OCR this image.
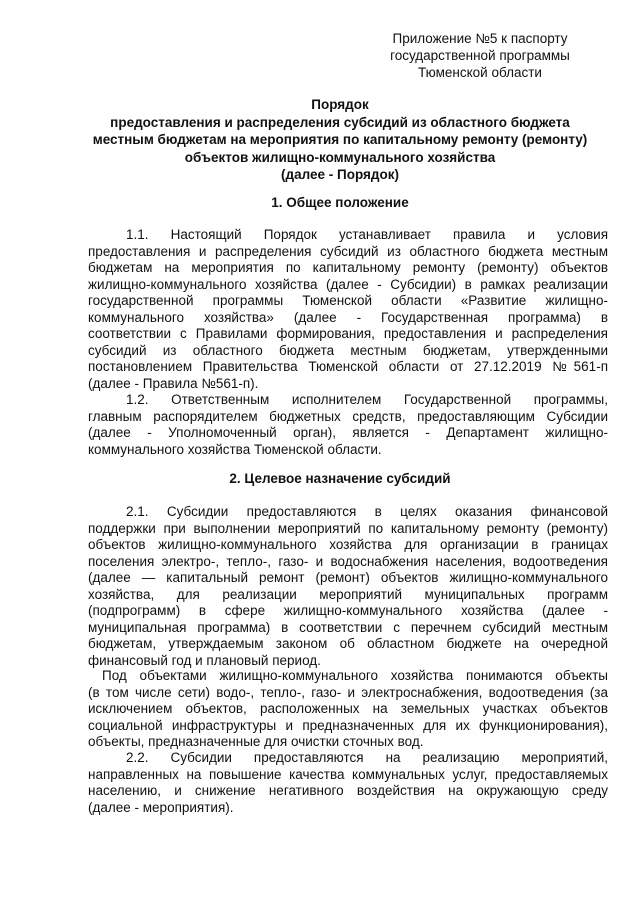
Приложение №5 к паспорту
государственной программы
Тюменской области
Порядок
предоставления и распределения субсидий из областного бюджета
местным бюджетам на мероприятия по капитальному ремонту (ремонту)
объектов жилищно-коммунального хозяйства
(далее - Порядок)
1. Общее положение
1.1. Настоящий Порядок устанавливает правила и условия
предоставления и распределения субсидий из областного бюджета местным
бюджетам на мероприятия по капитальному ремонту (ремонту) объектов
жилищно-коммунального хозяйства (далее - Субсидии) в рамках реализации
государственной программы Тюменской области «Развитие жилищно-
коммунального хозяйства» (далее - Государственная программа) в
соответствии с Правилами формирования, предоставления и распределения
субсидий из областного бюджета местным бюджетам, утвержденными
постановлением Правительства Тюменской области от 27.12.2019 №561-п
(далее - Правила №561-п).
1.2. Ответственным исполнителем Государственной программы,
главным распорядителем бюджетных средств, предоставляющим Субсидии
(далее - Уполномоченный орган), является - Департамент жилищно-
коммунального хозяйства Тюменской области.
2. Целевое назначение субсидий
2.1. Субсидии предоставляются в целях оказания финансовой
поддержки при выполнении мероприятий по капитальному ремонту (ремонту)
объектов жилищно-коммунального хозяйства для организации в границах
поселения электро-, тепло-, газо- и водоснабжения населения, водоотведения
(далее — капитальный ремонт (ремонт) объектов жилищно-коммунального
хозяйства, для реализации мероприятий муниципальных программ
(подпрограмм) в сфере жилищно-коммунального хозяйства (далее -
муниципальная программа) в соответствии с перечнем субсидий местным
бюджетам, утверждаемым законом об областном бюджете на очередной
финансовый год и плановый период.
Под объектами жилищно-коммунального хозяйства понимаются объекты
(в том числе сети) водо-, тепло-, газо- и электроснабжения, водоотведения (за
исключением объектов, расположенных на земельных участках объектов
социальной инфраструктуры и предназначенных для их функционирования),
объекты, предназначенные для очистки сточных вод.
2.2. Субсидии предоставляются на реализацию мероприятий,
направленных на повышение качества коммунальных услуг, предоставляемых
населению, и снижение негативного воздействия на окружающую среду
(далее - мероприятия).
